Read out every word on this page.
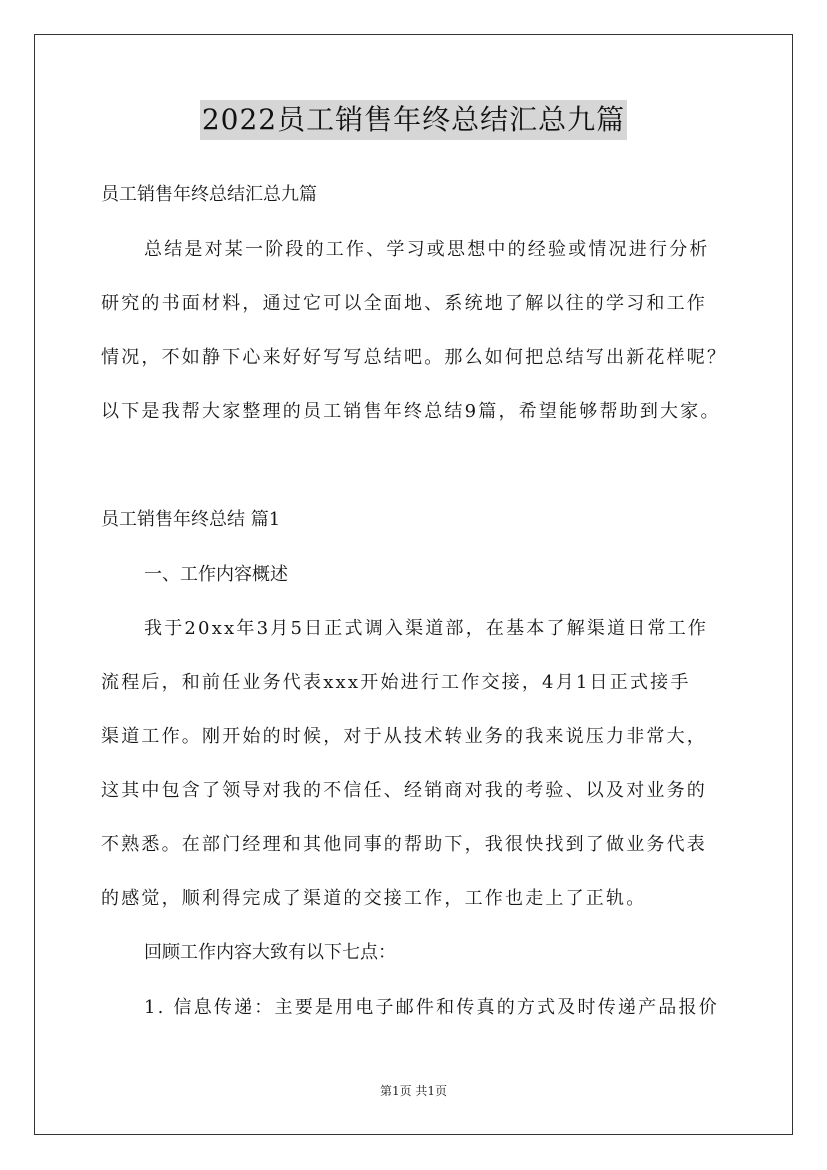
2022员工销售年终总结汇总九篇
员工销售年终总结汇总九篇
总结是对某一阶段的工作、学习或思想中的经验或情况进行分析
研究的书面材料，通过它可以全面地、系统地了解以往的学习和工作
情况，不如静下心来好好写写总结吧。那么如何把总结写出新花样呢？
以下是我帮大家整理的员工销售年终总结9篇，希望能够帮助到大家。
员工销售年终总结 篇1
一、工作内容概述
我于20xx年3月5日正式调入渠道部，在基本了解渠道日常工作
流程后，和前任业务代表xxx开始进行工作交接，4月1日正式接手
渠道工作。刚开始的时候，对于从技术转业务的我来说压力非常大，
这其中包含了领导对我的不信任、经销商对我的考验、以及对业务的
不熟悉。在部门经理和其他同事的帮助下，我很快找到了做业务代表
的感觉，顺利得完成了渠道的交接工作，工作也走上了正轨。
回顾工作内容大致有以下七点：
1. 信息传递：主要是用电子邮件和传真的方式及时传递产品报价
第1页 共1页
